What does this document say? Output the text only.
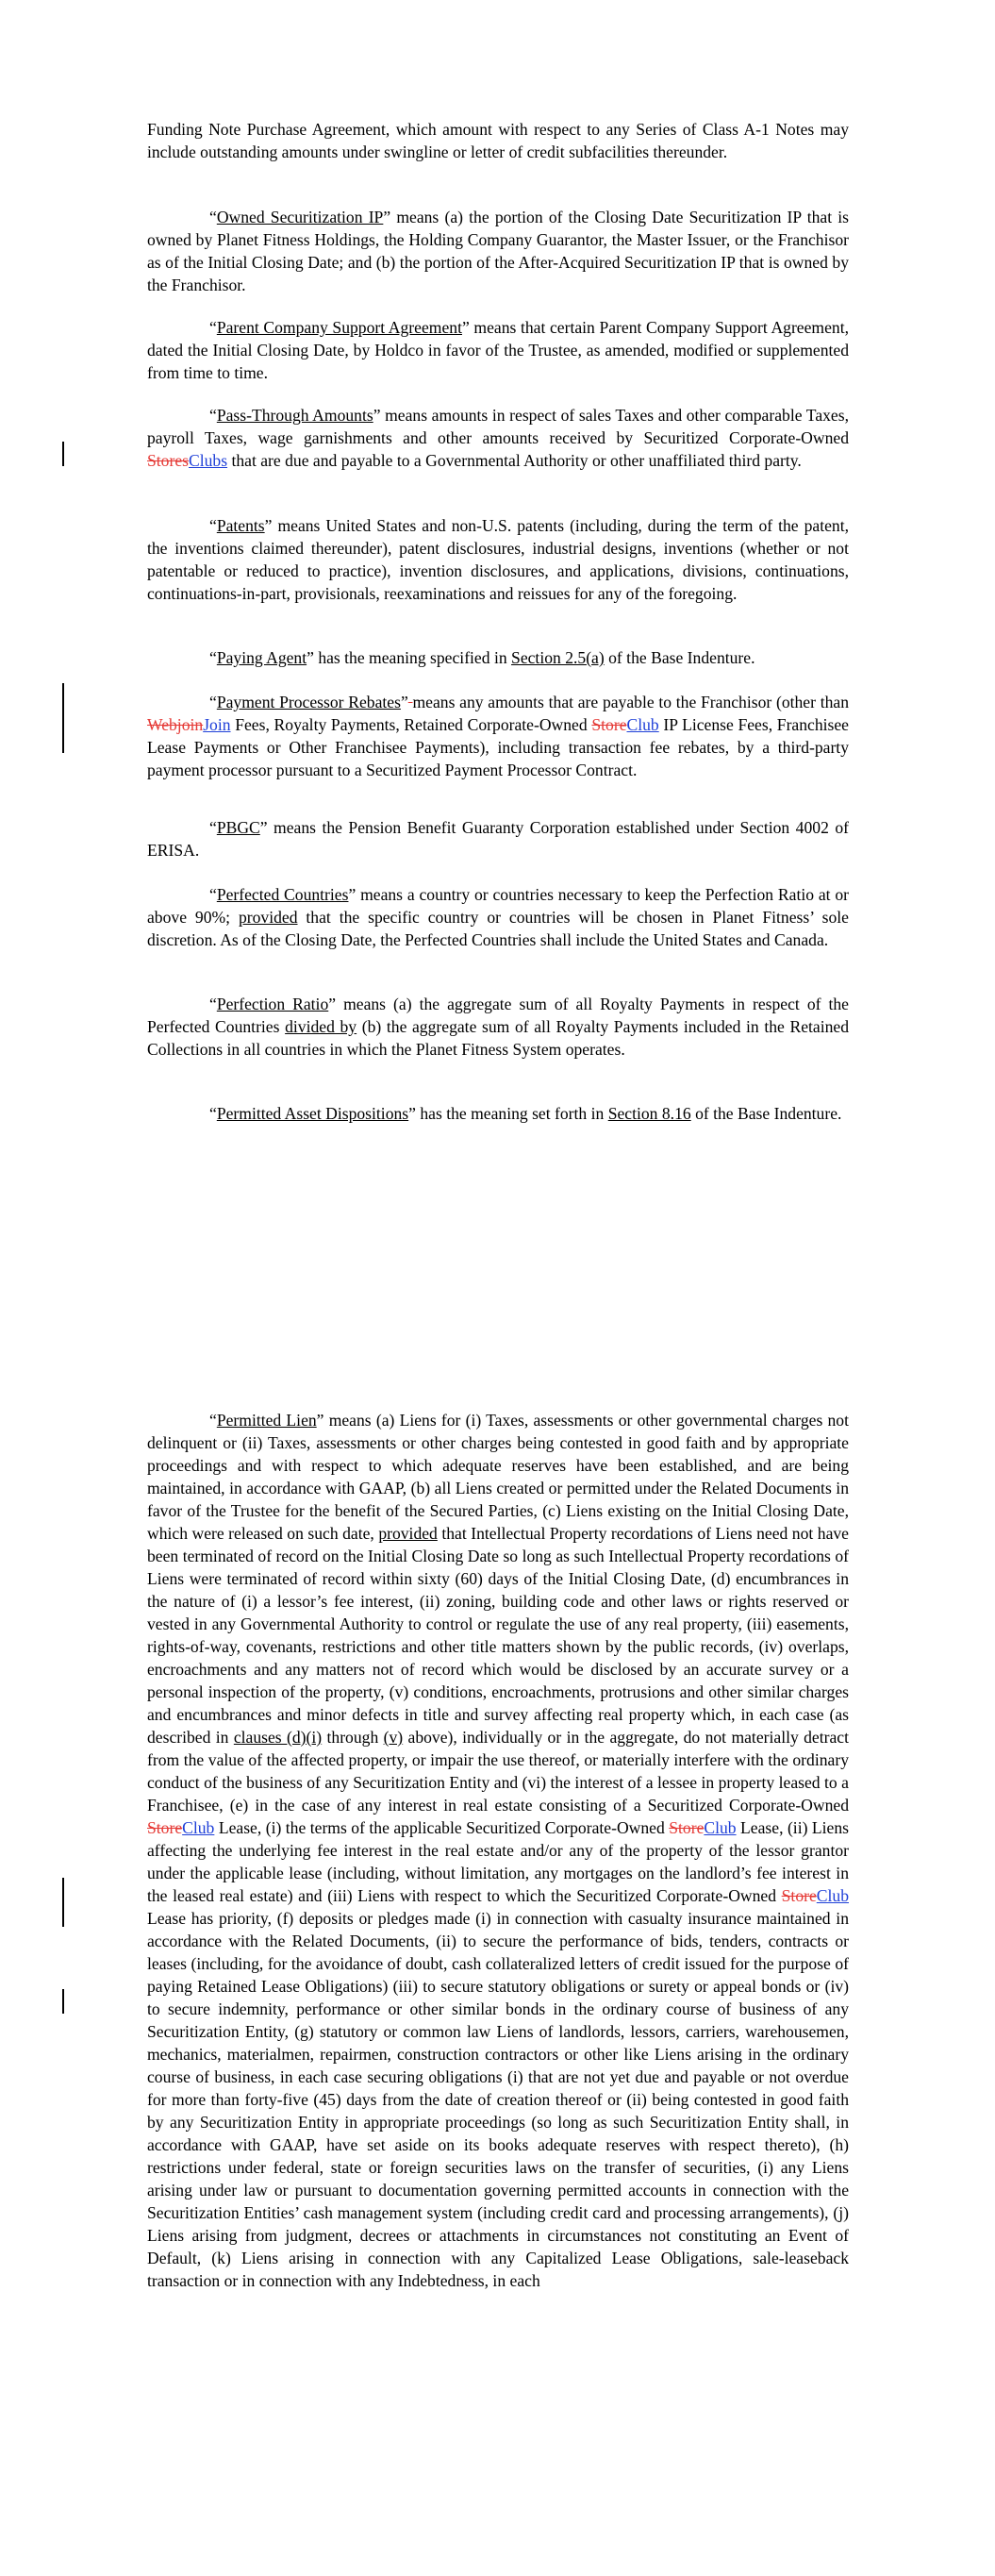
Funding Note Purchase Agreement, which amount with respect to any Series of Class A-1 Notes may include outstanding amounts under swingline or letter of credit subfacilities thereunder.

“Owned Securitization IP” means (a) the portion of the Closing Date Securitization IP that is owned by Planet Fitness Holdings, the Holding Company Guarantor, the Master Issuer, or the Franchisor as of the Initial Closing Date; and (b) the portion of the After-Acquired Securitization IP that is owned by the Franchisor.

“Parent Company Support Agreement” means that certain Parent Company Support Agreement, dated the Initial Closing Date, by Holdco in favor of the Trustee, as amended, modified or supplemented from time to time.

“Pass-Through Amounts” means amounts in respect of sales Taxes and other comparable Taxes, payroll Taxes, wage garnishments and other amounts received by Securitized Corporate-Owned StoresClubs that are due and payable to a Governmental Authority or other unaffiliated third party.

“Patents” means United States and non-U.S. patents (including, during the term of the patent, the inventions claimed thereunder), patent disclosures, industrial designs, inventions (whether or not patentable or reduced to practice), invention disclosures, and applications, divisions, continuations, continuations-in-part, provisionals, reexaminations and reissues for any of the foregoing.

“Paying Agent” has the meaning specified in Section 2.5(a) of the Base Indenture.

“Payment Processor Rebates” means any amounts that are payable to the Franchisor (other than WebjoinJoin Fees, Royalty Payments, Retained Corporate-Owned StoreClub IP License Fees, Franchisee Lease Payments or Other Franchisee Payments), including transaction fee rebates, by a third-party payment processor pursuant to a Securitized Payment Processor Contract.

“PBGC” means the Pension Benefit Guaranty Corporation established under Section 4002 of ERISA.

“Perfected Countries” means a country or countries necessary to keep the Perfection Ratio at or above 90%; provided that the specific country or countries will be chosen in Planet Fitness’ sole discretion. As of the Closing Date, the Perfected Countries shall include the United States and Canada.

“Perfection Ratio” means (a) the aggregate sum of all Royalty Payments in respect of the Perfected Countries divided by (b) the aggregate sum of all Royalty Payments included in the Retained Collections in all countries in which the Planet Fitness System operates.

“Permitted Asset Dispositions” has the meaning set forth in Section 8.16 of the Base Indenture.

“Permitted Lien” means (a) Liens for (i) Taxes, assessments or other governmental charges not delinquent or (ii) Taxes, assessments or other charges being contested in good faith and by appropriate proceedings and with respect to which adequate reserves have been established, and are being maintained, in accordance with GAAP, (b) all Liens created or permitted under the Related Documents in favor of the Trustee for the benefit of the Secured Parties, (c) Liens existing on the Initial Closing Date, which were released on such date, provided that Intellectual Property recordations of Liens need not have been terminated of record on the Initial Closing Date so long as such Intellectual Property recordations of Liens were terminated of record within sixty (60) days of the Initial Closing Date, (d) encumbrances in the nature of (i) a lessor’s fee interest, (ii) zoning, building code and other laws or rights reserved or vested in any Governmental Authority to control or regulate the use of any real property, (iii) easements, rights-of-way, covenants, restrictions and other title matters shown by the public records, (iv) overlaps, encroachments and any matters not of record which would be disclosed by an accurate survey or a personal inspection of the property, (v) conditions, encroachments, protrusions and other similar charges and encumbrances and minor defects in title and survey affecting real property which, in each case (as described in clauses (d)(i) through (v) above), individually or in the aggregate, do not materially detract from the value of the affected property, or impair the use thereof, or materially interfere with the ordinary conduct of the business of any Securitization Entity and (vi) the interest of a lessee in property leased to a Franchisee, (e) in the case of any interest in real estate consisting of a Securitized Corporate-Owned StoreClub Lease, (i) the terms of the applicable Securitized Corporate-Owned StoreClub Lease, (ii) Liens affecting the underlying fee interest in the real estate and/or any of the property of the lessor grantor under the applicable lease (including, without limitation, any mortgages on the landlord’s fee interest in the leased real estate) and (iii) Liens with respect to which the Securitized Corporate-Owned StoreClub Lease has priority, (f) deposits or pledges made (i) in connection with casualty insurance maintained in accordance with the Related Documents, (ii) to secure the performance of bids, tenders, contracts or leases (including, for the avoidance of doubt, cash collateralized letters of credit issued for the purpose of paying Retained Lease Obligations) (iii) to secure statutory obligations or surety or appeal bonds or (iv) to secure indemnity, performance or other similar bonds in the ordinary course of business of any Securitization Entity, (g) statutory or common law Liens of landlords, lessors, carriers, warehousemen, mechanics, materialmen, repairmen, construction contractors or other like Liens arising in the ordinary course of business, in each case securing obligations (i) that are not yet due and payable or not overdue for more than forty-five (45) days from the date of creation thereof or (ii) being contested in good faith by any Securitization Entity in appropriate proceedings (so long as such Securitization Entity shall, in accordance with GAAP, have set aside on its books adequate reserves with respect thereto), (h) restrictions under federal, state or foreign securities laws on the transfer of securities, (i) any Liens arising under law or pursuant to documentation governing permitted accounts in connection with the Securitization Entities’ cash management system (including credit card and processing arrangements), (j) Liens arising from judgment, decrees or attachments in circumstances not constituting an Event of Default, (k) Liens arising in connection with any Capitalized Lease Obligations, sale-leaseback transaction or in connection with any Indebtedness, in each
